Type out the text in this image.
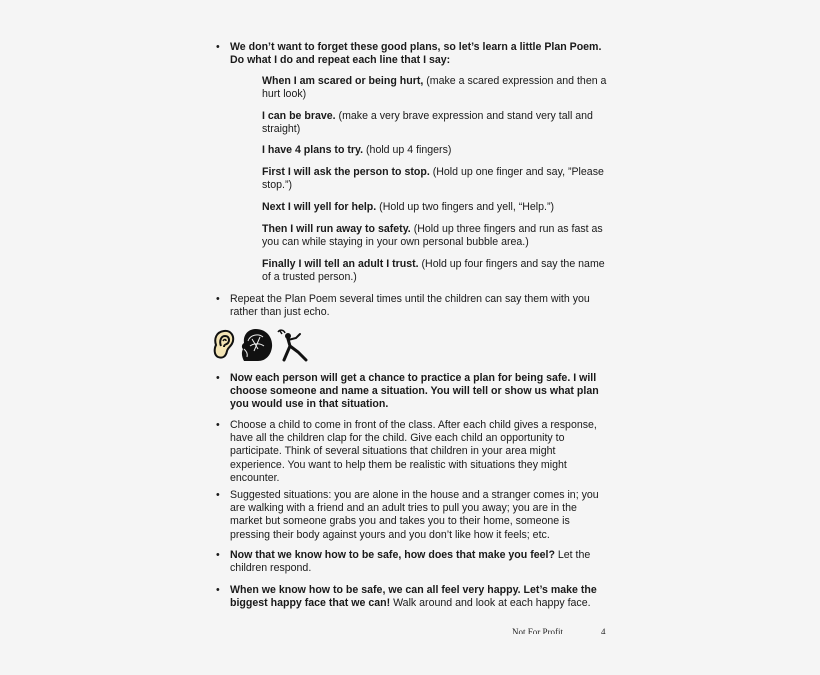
• We don’t want to forget these good plans, so let’s learn a little Plan Poem. Do what I do and repeat each line that I say:
When I am scared or being hurt, (make a scared expression and then a hurt look)
I can be brave. (make a very brave expression and stand very tall and straight)
I have 4 plans to try. (hold up 4 fingers)
First I will ask the person to stop. (Hold up one finger and say, ”Please stop.”)
Next I will yell for help. (Hold up two fingers and yell, “Help.”)
Then I will run away to safety. (Hold up three fingers and run as fast as you can while staying in your own personal bubble area.)
Finally I will tell an adult I trust. (Hold up four fingers and say the name of a trusted person.)
• Repeat the Plan Poem several times until the children can say them with you rather than just echo.
• Now each person will get a chance to practice a plan for being safe. I will choose someone and name a situation. You will tell or show us what plan you would use in that situation.
• Choose a child to come in front of the class. After each child gives a response, have all the children clap for the child. Give each child an opportunity to participate. Think of several situations that children in your area might experience. You want to help them be realistic with situations they might encounter.
• Suggested situations: you are alone in the house and a stranger comes in; you are walking with a friend and an adult tries to pull you away; you are in the market but someone grabs you and takes you to their home, someone is pressing their body against yours and you don’t like how it feels; etc.
• Now that we know how to be safe, how does that make you feel? Let the children respond.
• When we know how to be safe, we can all feel very happy. Let’s make the biggest happy face that we can! Walk around and look at each happy face.
Not For Profit	4
